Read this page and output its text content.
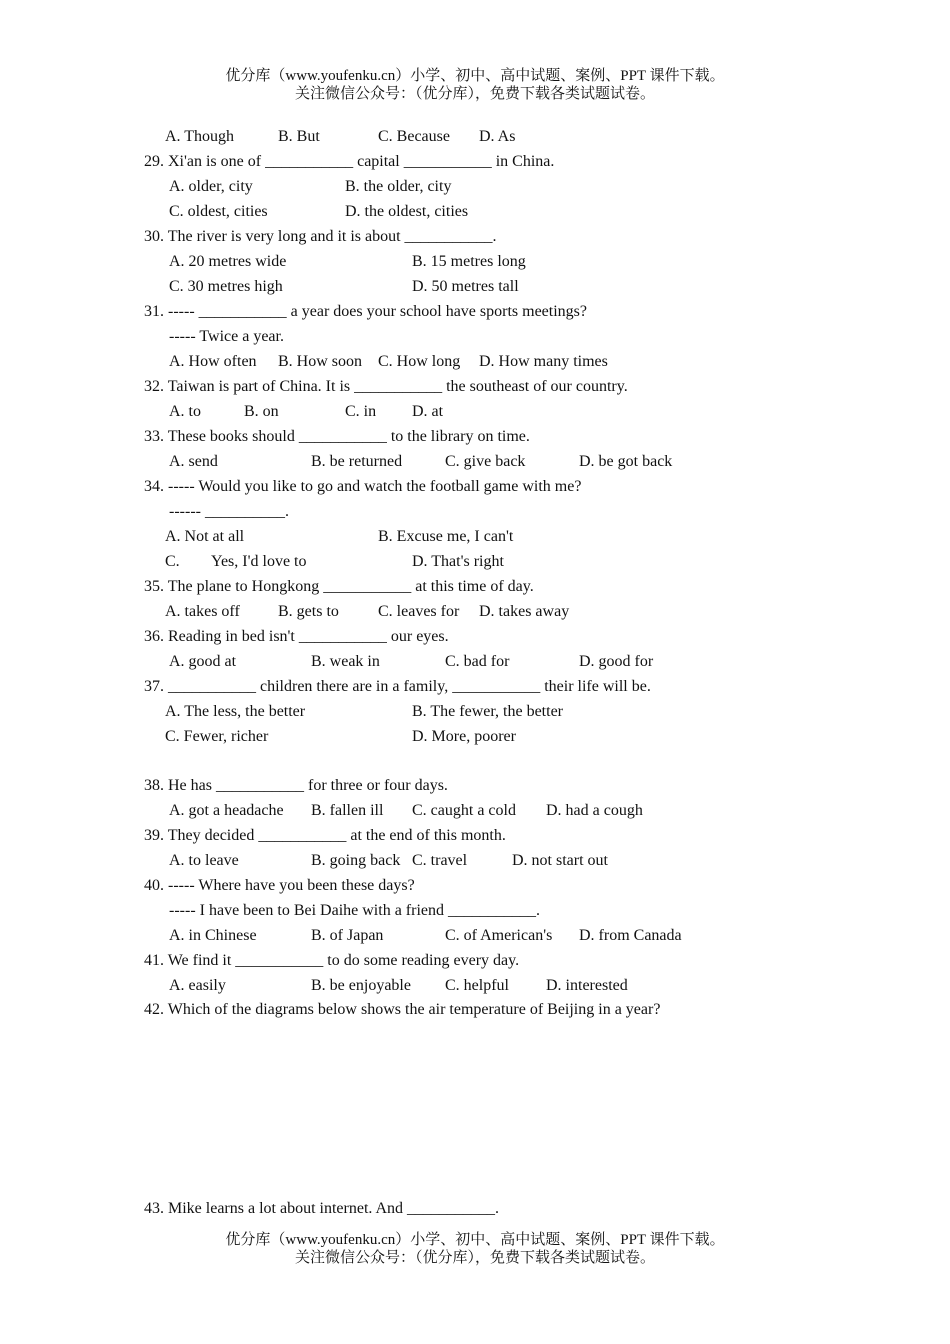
优分库（www.youfenku.cn）小学、初中、高中试题、案例、PPT 课件下载。
关注微信公众号：（优分库），免费下载各类试题试卷。
A. Though	B. But	C. Because D. As
29. Xi'an is one of ___________ capital ___________ in China.
A. older, city	B. the older, city
C. oldest, cities	D. the oldest, cities
30. The river is very long and it is about ___________.
A. 20 metres wide	B. 15 metres long
C. 30 metres high	D. 50 metres tall
31. ----- ___________ a year does your school have sports meetings?
----- Twice a year.
A. How often B. How soon C. How long D. How many times
32. Taiwan is part of China. It is ___________ the southeast of our country.
A. to	B. on	C. in D. at
33. These books should ___________ to the library on time.
A. send	B. be returned	C. give back	D. be got back
34. ----- Would you like to go and watch the football game with me?
------ __________.
A. Not at all	B. Excuse me, I can't
C. Yes, I'd love to	D. That's right
35. The plane to Hongkong ___________ at this time of day.
A. takes off B. gets to C. leaves for D. takes away
36. Reading in bed isn't ___________ our eyes.
A. good at	B. weak in	C. bad for	D. good for
37. ___________ children there are in a family, ___________ their life will be.
A. The less, the better	B. The fewer, the better
C. Fewer, richer	D. More, poorer
38. He has ___________ for three or four days.
A. got a headache B. fallen ill C. caught a cold D. had a cough
39. They decided ___________ at the end of this month.
A. to leave	B. going back C. travel	D. not start out
40. ----- Where have you been these days?
----- I have been to Bei Daihe with a friend ___________.
A. in Chinese	B. of Japan	C. of American's D. from Canada
41. We find it ___________ to do some reading every day.
A. easily	B. be enjoyable C. helpful D. interested
42. Which of the diagrams below shows the air temperature of Beijing in a year?
43. Mike learns a lot about internet. And ___________.
优分库（www.youfenku.cn）小学、初中、高中试题、案例、PPT 课件下载。
关注微信公众号：（优分库），免费下载各类试题试卷。
